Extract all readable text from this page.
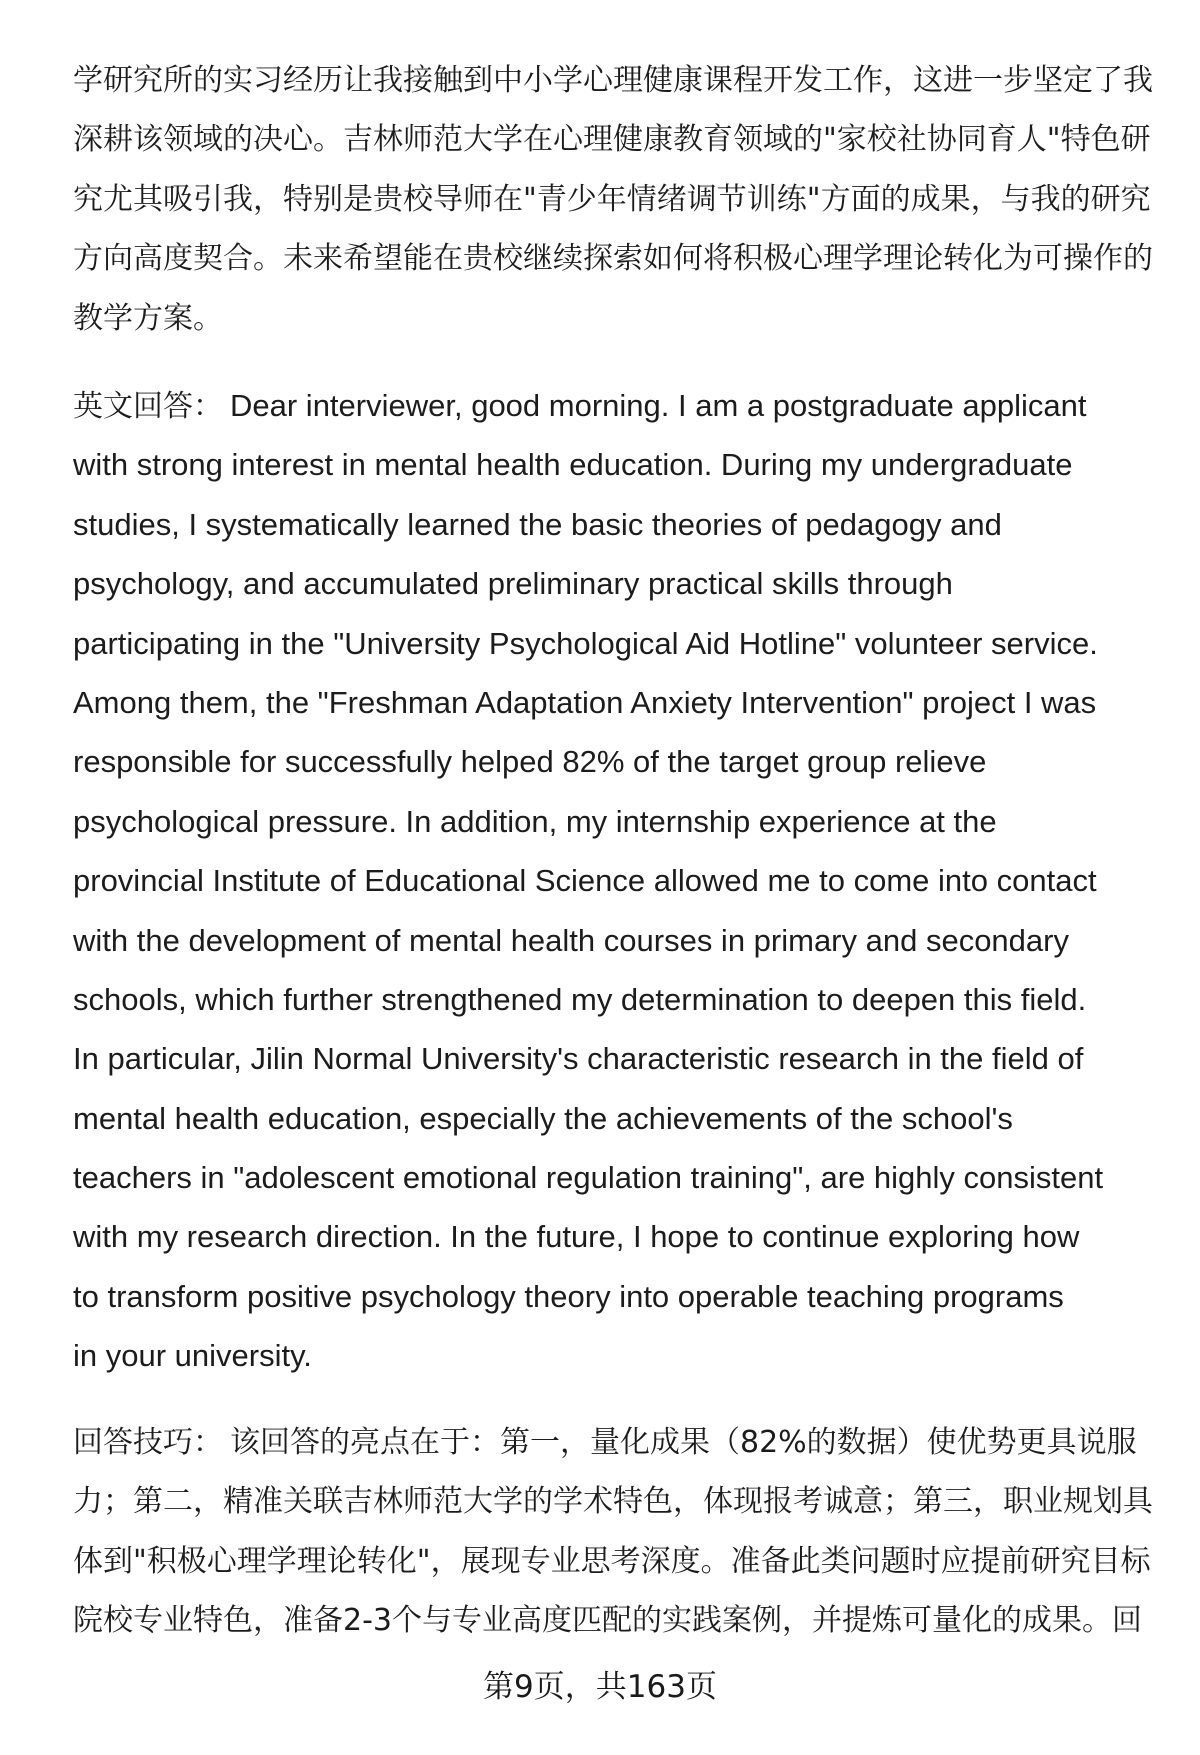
学研究所的实习经历让我接触到中小学心理健康课程开发工作，这进一步坚定了我
深耕该领域的决心。吉林师范大学在心理健康教育领域的"家校社协同育人"特色研
究尤其吸引我，特别是贵校导师在"青少年情绪调节训练"方面的成果，与我的研究
方向高度契合。未来希望能在贵校继续探索如何将积极心理学理论转化为可操作的
教学方案。
英文回答： Dear interviewer, good morning. I am a postgraduate applicant
with strong interest in mental health education. During my undergraduate
studies, I systematically learned the basic theories of pedagogy and
psychology, and accumulated preliminary practical skills through
participating in the "University Psychological Aid Hotline" volunteer service.
Among them, the "Freshman Adaptation Anxiety Intervention" project I was
responsible for successfully helped 82% of the target group relieve
psychological pressure. In addition, my internship experience at the
provincial Institute of Educational Science allowed me to come into contact
with the development of mental health courses in primary and secondary
schools, which further strengthened my determination to deepen this field.
In particular, Jilin Normal University's characteristic research in the field of
mental health education, especially the achievements of the school's
teachers in "adolescent emotional regulation training", are highly consistent
with my research direction. In the future, I hope to continue exploring how
to transform positive psychology theory into operable teaching programs
in your university.
回答技巧： 该回答的亮点在于：第一，量化成果（82%的数据）使优势更具说服
力；第二，精准关联吉林师范大学的学术特色，体现报考诚意；第三，职业规划具
体到"积极心理学理论转化"，展现专业思考深度。准备此类问题时应提前研究目标
院校专业特色，准备2-3个与专业高度匹配的实践案例，并提炼可量化的成果。回
第9页，共163页
